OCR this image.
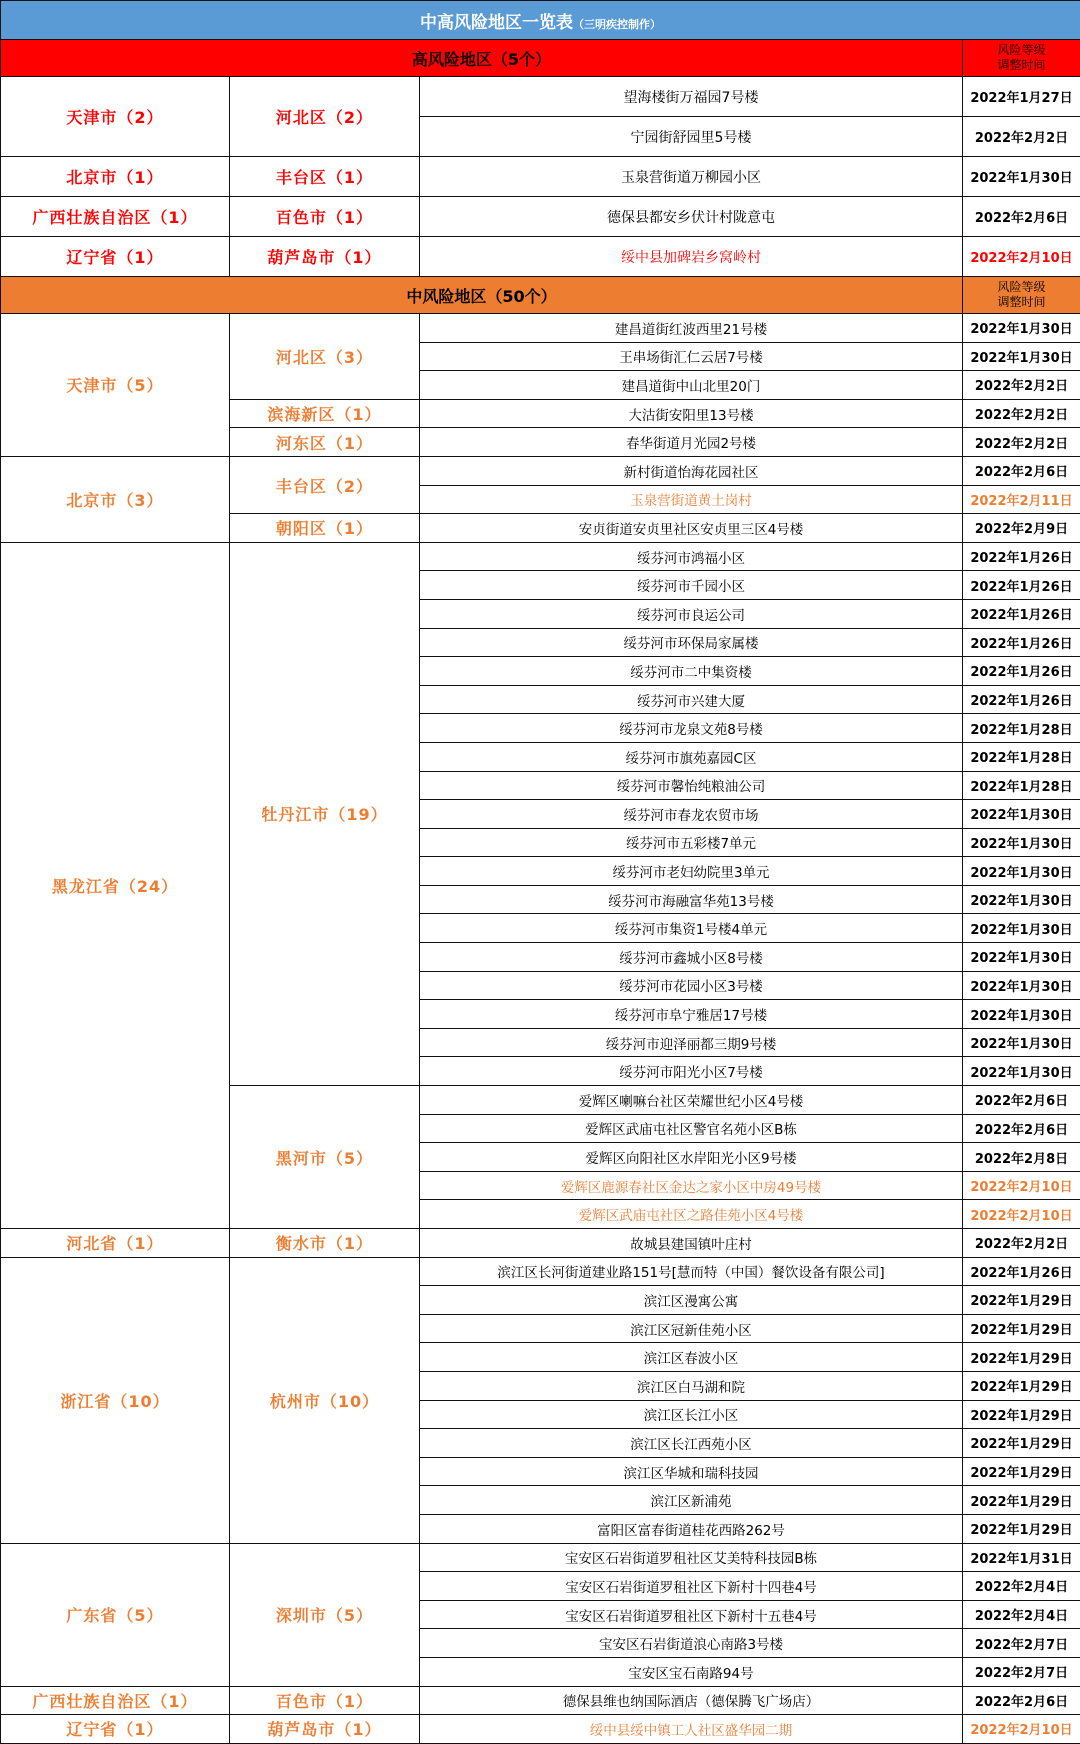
中高风险地区一览表（三明疾控制作）			
高风险地区（5个）			风险等级
调整时间
天津市（2）	河北区（2）	望海楼街万福园7号楼	2022年1月27日
		宁园街舒园里5号楼	2022年2月2日
北京市（1）	丰台区（1）	玉泉营街道万柳园小区	2022年1月30日
广西壮族自治区（1）	百色市（1）	德保县都安乡伏计村陇意屯	2022年2月6日
辽宁省（1）	葫芦岛市（1）	绥中县加碑岩乡窝岭村	2022年2月10日
中风险地区（50个）			风险等级
调整时间
天津市（5）	河北区（3）	建昌道街红波西里21号楼	2022年1月30日
		王串场街汇仁云居7号楼	2022年1月30日
		建昌道街中山北里20门	2022年2月2日
	滨海新区（1）	大沽街安阳里13号楼	2022年2月2日
	河东区（1）	春华街道月光园2号楼	2022年2月2日
北京市（3）	丰台区（2）	新村街道怡海花园社区	2022年2月6日
		玉泉营街道黄土岗村	2022年2月11日
	朝阳区（1）	安贞街道安贞里社区安贞里三区4号楼	2022年2月9日
黑龙江省（24）	牡丹江市（19）	绥芬河市鸿福小区	2022年1月26日
		绥芬河市千园小区	2022年1月26日
		绥芬河市良运公司	2022年1月26日
		绥芬河市环保局家属楼	2022年1月26日
		绥芬河市二中集资楼	2022年1月26日
		绥芬河市兴建大厦	2022年1月26日
		绥芬河市龙泉文苑8号楼	2022年1月28日
		绥芬河市旗苑嘉园C区	2022年1月28日
		绥芬河市馨怡纯粮油公司	2022年1月28日
		绥芬河市春龙农贸市场	2022年1月30日
		绥芬河市五彩楼7单元	2022年1月30日
		绥芬河市老妇幼院里3单元	2022年1月30日
		绥芬河市海融富华苑13号楼	2022年1月30日
		绥芬河市集资1号楼4单元	2022年1月30日
		绥芬河市鑫城小区8号楼	2022年1月30日
		绥芬河市花园小区3号楼	2022年1月30日
		绥芬河市阜宁雅居17号楼	2022年1月30日
		绥芬河市迎泽丽都三期9号楼	2022年1月30日
		绥芬河市阳光小区7号楼	2022年1月30日
	黑河市（5）	爱辉区喇嘛台社区荣耀世纪小区4号楼	2022年2月6日
		爱辉区武庙屯社区警官名苑小区B栋	2022年2月6日
		爱辉区向阳社区水岸阳光小区9号楼	2022年2月8日
		爱辉区鹿源春社区金达之家小区中房49号楼	2022年2月10日
		爱辉区武庙屯社区之路佳苑小区4号楼	2022年2月10日
河北省（1）	衡水市（1）	故城县建国镇叶庄村	2022年2月2日
浙江省（10）	杭州市（10）	滨江区长河街道建业路151号[慧而特（中国）餐饮设备有限公司]	2022年1月26日
		滨江区漫寓公寓	2022年1月29日
		滨江区冠新佳苑小区	2022年1月29日
		滨江区春波小区	2022年1月29日
		滨江区白马湖和院	2022年1月29日
		滨江区长江小区	2022年1月29日
		滨江区长江西苑小区	2022年1月29日
		滨江区华城和瑞科技园	2022年1月29日
		滨江区新浦苑	2022年1月29日
		富阳区富春街道桂花西路262号	2022年1月29日
广东省（5）	深圳市（5）	宝安区石岩街道罗租社区艾美特科技园B栋	2022年1月31日
		宝安区石岩街道罗租社区下新村十四巷4号	2022年2月4日
		宝安区石岩街道罗租社区下新村十五巷4号	2022年2月4日
		宝安区石岩街道浪心南路3号楼	2022年2月7日
		宝安区宝石南路94号	2022年2月7日
广西壮族自治区（1）	百色市（1）	德保县维也纳国际酒店（德保腾飞广场店）	2022年2月6日
辽宁省（1）	葫芦岛市（1）	绥中县绥中镇工人社区盛华园二期	2022年2月10日
